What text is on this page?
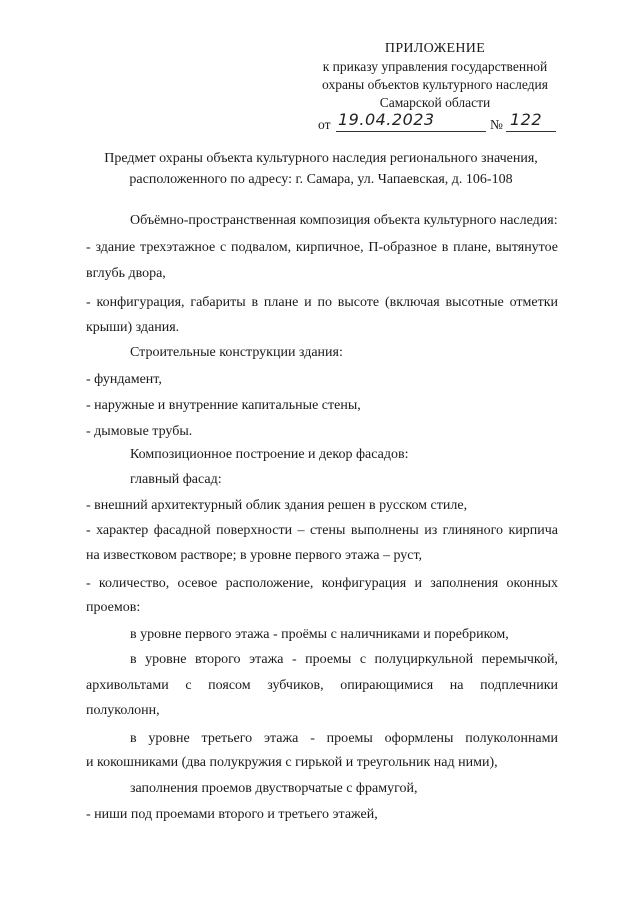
ПРИЛОЖЕНИЕ
к приказу управления государственной
охраны объектов культурного наследия
Самарской области
от 19.04.2023	№ 122
Предмет охраны объекта культурного наследия регионального значения,
расположенного по адресу: г. Самара, ул. Чапаевская, д. 106-108
Объёмно-пространственная композиция объекта культурного наследия:
- здание трехэтажное с подвалом, кирпичное, П-образное в плане, вытянутое
вглубь двора,
- конфигурация, габариты в плане и по высоте (включая высотные отметки
крыши) здания.
Строительные конструкции здания:
- фундамент,
- наружные и внутренние капитальные стены,
- дымовые трубы.
Композиционное построение и декор фасадов:
главный фасад:
- внешний архитектурный облик здания решен в русском стиле,
- характер фасадной поверхности – стены выполнены из глиняного кирпича
на известковом растворе; в уровне первого этажа – руст,
- количество, осевое расположение, конфигурация и заполнения оконных
проемов:
в уровне первого этажа - проёмы с наличниками и поребриком,
в уровне второго этажа - проемы с полуциркульной перемычкой,
архивольтами с поясом зубчиков, опирающимися на подплечники
полуколонн,
в уровне третьего этажа - проемы оформлены полуколоннами
и кокошниками (два полукружия с гирькой и треугольник над ними),
заполнения проемов двустворчатые с фрамугой,
- ниши под проемами второго и третьего этажей,
